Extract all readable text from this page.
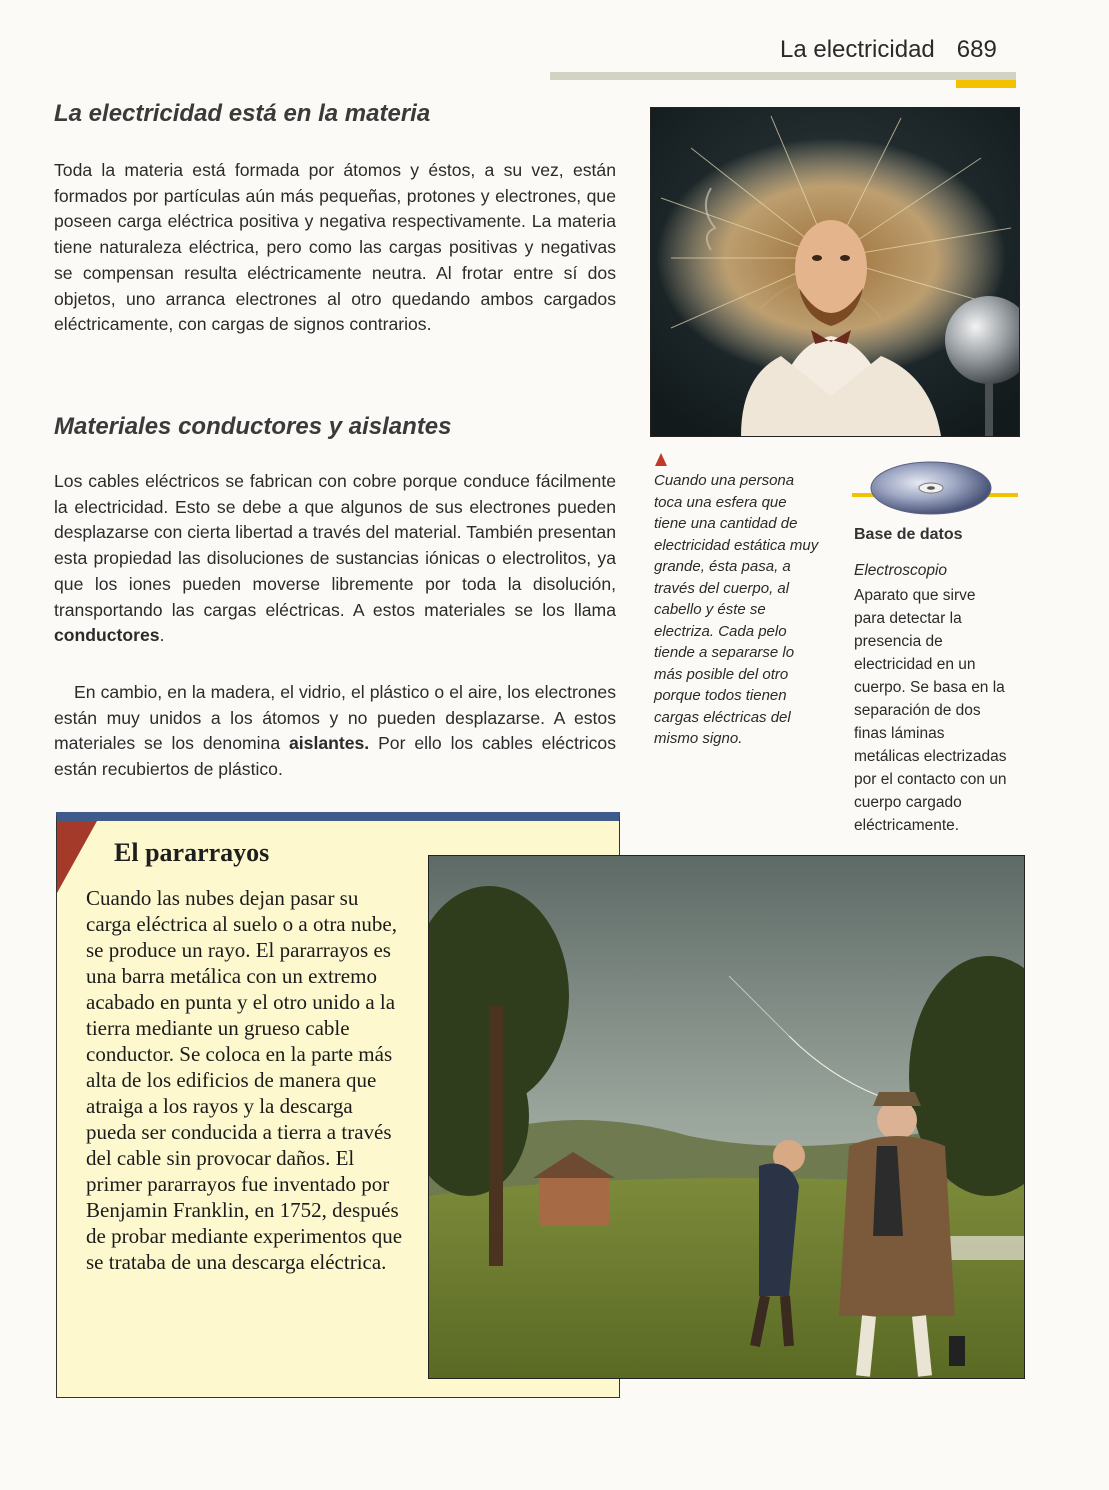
La electricidad 689
La electricidad está en la materia

Toda la materia está formada por átomos y éstos, a su vez, están formados por partículas aún más pequeñas, protones y electrones, que poseen carga eléctrica positiva y negativa respectivamente. La materia tiene naturaleza eléctrica, pero como las cargas positivas y negativas se compensan resulta eléctricamente neutra. Al frotar entre sí dos objetos, uno arranca electrones al otro quedando ambos cargados eléctricamente, con cargas de signos contrarios.

Materiales conductores y aislantes

Los cables eléctricos se fabrican con cobre porque conduce fácilmente la electricidad. Esto se debe a que algunos de sus electrones pueden desplazarse con cierta libertad a través del material. También presentan esta propiedad las disoluciones de sustancias iónicas o electrolitos, ya que los iones pueden moverse libremente por toda la disolución, transportando las cargas eléctricas. A estos materiales se los llama conductores.

En cambio, en la madera, el vidrio, el plástico o el aire, los electrones están muy unidos a los átomos y no pueden desplazarse. A estos materiales se los denomina aislantes. Por ello los cables eléctricos están recubiertos de plástico.

Cuando una persona toca una esfera que tiene una cantidad de electricidad estática muy grande, ésta pasa, a través del cuerpo, al cabello y éste se electriza. Cada pelo tiende a separarse lo más posible del otro porque todos tienen cargas eléctricas del mismo signo.

Base de datos

Electroscopio

Aparato que sirve para detectar la presencia de electricidad en un cuerpo. Se basa en la separación de dos finas láminas metálicas electrizadas por el contacto con un cuerpo cargado eléctricamente.

El pararrayos

Cuando las nubes dejan pasar su carga eléctrica al suelo o a otra nube, se produce un rayo. El pararrayos es una barra metálica con un extremo acabado en punta y el otro unido a la tierra mediante un grueso cable conductor. Se coloca en la parte más alta de los edificios de manera que atraiga a los rayos y la descarga pueda ser conducida a tierra a través del cable sin provocar daños. El primer pararrayos fue inventado por Benjamin Franklin, en 1752, después de probar mediante experimentos que se trataba de una descarga eléctrica.
